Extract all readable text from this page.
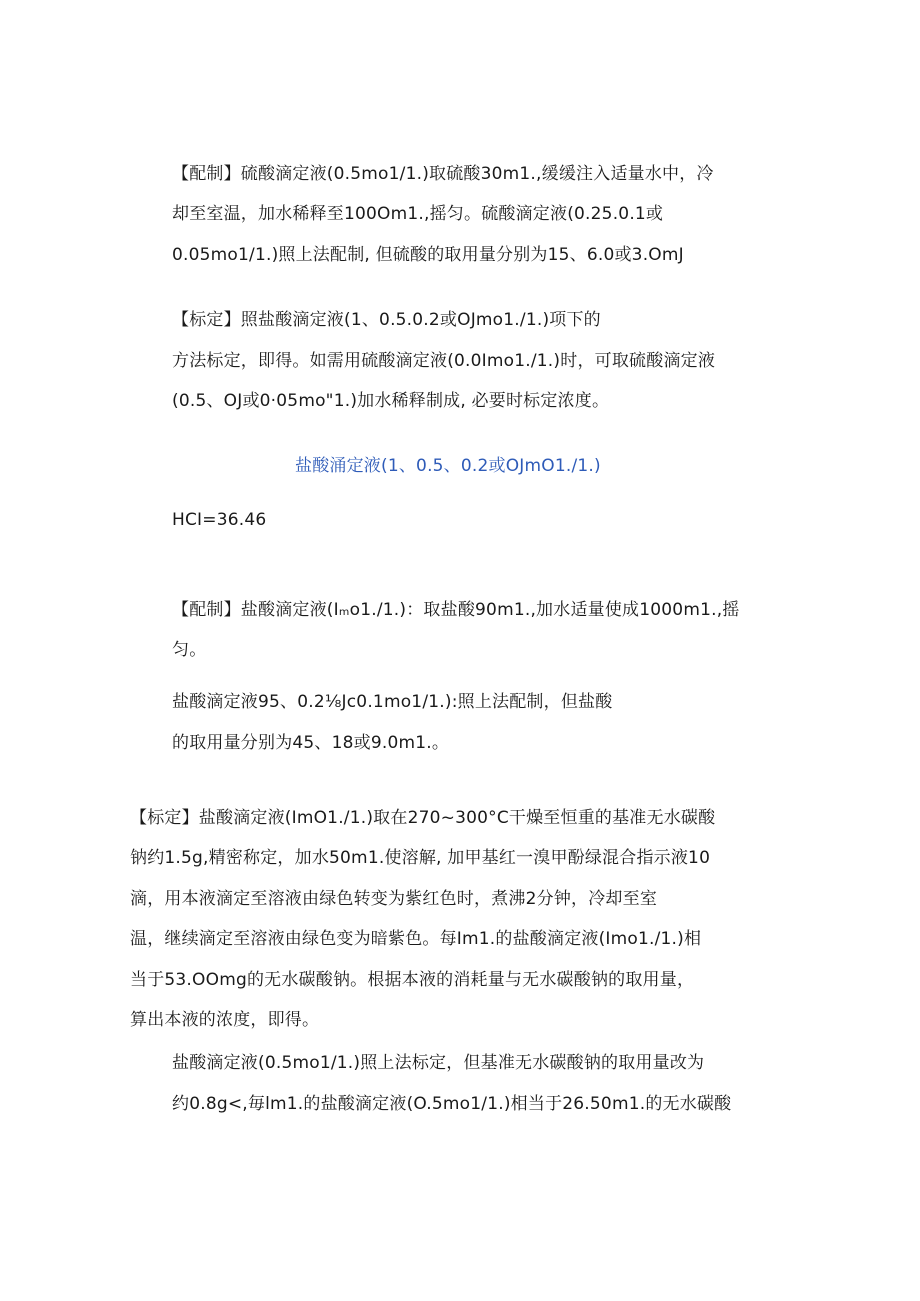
【配制】硫酸滴定液(0.5mo1/1.)取硫酸30m1.,缓缓注入适量水中，冷
却至室温，加水稀释至100Om1.,摇匀。硫酸滴定液(0.25.0.1或
0.05mo1/1.)照上法配制, 但硫酸的取用量分别为15、6.0或3.OmJ
【标定】照盐酸滴定液(1、0.5.0.2或OJmo1./1.)项下的
方法标定，即得。如需用硫酸滴定液(0.0Imo1./1.)时，可取硫酸滴定液
(0.5、OJ或0·05mo"1.)加水稀释制成, 必要时标定浓度。
盐酸涌定液(1、0.5、0.2或OJmO1./1.)
HCI=36.46
【配制】盐酸滴定液(Iₘo1./1.)：取盐酸90m1.,加水适量使成1000m1.,摇
匀。
盐酸滴定液95、0.2⅛Jc0.1mo1/1.):照上法配制，但盐酸
的取用量分别为45、18或9.0m1.。
【标定】盐酸滴定液(ImO1./1.)取在270~300°C干燥至恒重的基准无水碳酸
钠约1.5g,精密称定，加水50m1.使溶解, 加甲基红一溴甲酚绿混合指示液10
滴，用本液滴定至溶液由绿色转变为紫红色时，煮沸2分钟，冷却至室
温，继续滴定至溶液由绿色变为暗紫色。每Im1.的盐酸滴定液(Imo1./1.)相
当于53.OOmg的无水碳酸钠。根据本液的消耗量与无水碳酸钠的取用量，
算出本液的浓度，即得。
盐酸滴定液(0.5mo1/1.)照上法标定，但基准无水碳酸钠的取用量改为
约0.8g<,毎lm1.的盐酸滴定液(O.5mo1/1.)相当于26.50m1.的无水碳酸
